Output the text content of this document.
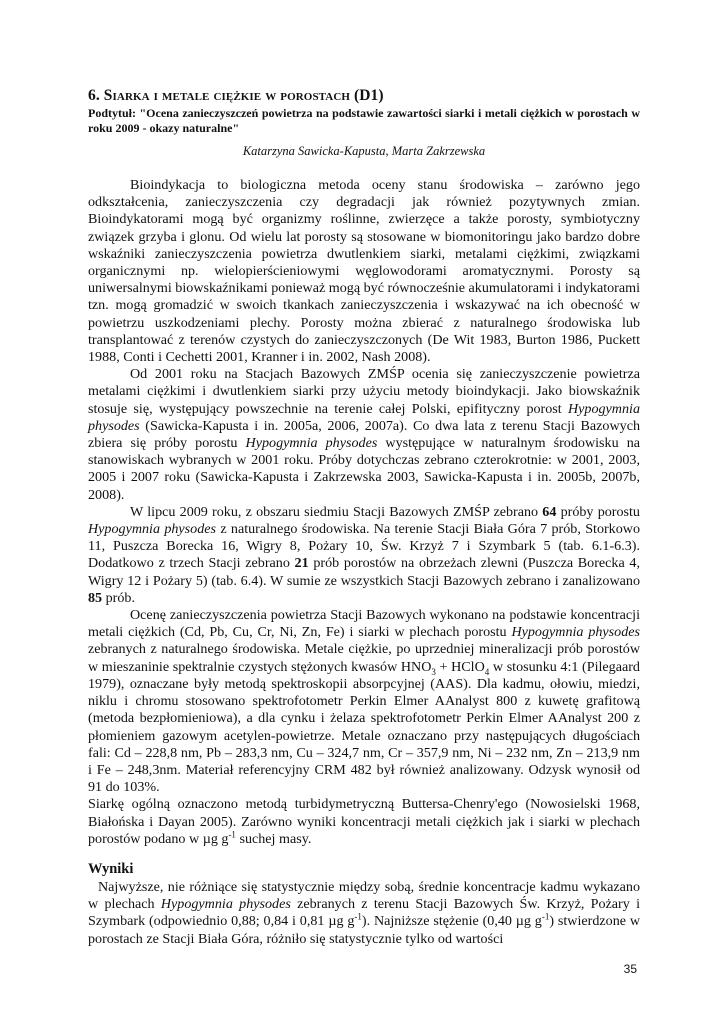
6. Siarka i metale ciężkie w porostach (D1)

Podtytuł: "Ocena zanieczyszczeń powietrza na podstawie zawartości siarki i metali ciężkich w porostach w roku 2009 - okazy naturalne"

Katarzyna Sawicka-Kapusta, Marta Zakrzewska

Bioindykacja to biologiczna metoda oceny stanu środowiska – zarówno jego odkształcenia, zanieczyszczenia czy degradacji jak również pozytywnych zmian. Bioindykatorami mogą być organizmy roślinne, zwierzęce a także porosty, symbiotyczny związek grzyba i glonu. Od wielu lat porosty są stosowane w biomonitoringu jako bardzo dobre wskaźniki zanieczyszczenia powietrza dwutlenkiem siarki, metalami ciężkimi, związkami organicznymi np. wielopierścieniowymi węglowodorami aromatycznymi. Porosty są uniwersalnymi biowskaźnikami ponieważ mogą być równocześnie akumulatorami i indykatorami tzn. mogą gromadzić w swoich tkankach zanieczyszczenia i wskazywać na ich obecność w powietrzu uszkodzeniami plechy. Porosty można zbierać z naturalnego środowiska lub transplantować z terenów czystych do zanieczyszczonych (De Wit 1983, Burton 1986, Puckett 1988, Conti i Cechetti 2001, Kranner i in. 2002, Nash 2008).

Od 2001 roku na Stacjach Bazowych ZMŚP ocenia się zanieczyszczenie powietrza metalami ciężkimi i dwutlenkiem siarki przy użyciu metody bioindykacji. Jako biowskaźnik stosuje się, występujący powszechnie na terenie całej Polski, epifityczny porost Hypogymnia physodes (Sawicka-Kapusta i in. 2005a, 2006, 2007a). Co dwa lata z terenu Stacji Bazowych zbiera się próby porostu Hypogymnia physodes występujące w naturalnym środowisku na stanowiskach wybranych w 2001 roku. Próby dotychczas zebrano czterokrotnie: w 2001, 2003, 2005 i 2007 roku (Sawicka-Kapusta i Zakrzewska 2003, Sawicka-Kapusta i in. 2005b, 2007b, 2008).

W lipcu 2009 roku, z obszaru siedmiu Stacji Bazowych ZMŚP zebrano 64 próby porostu Hypogymnia physodes z naturalnego środowiska. Na terenie Stacji Biała Góra 7 prób, Storkowo 11, Puszcza Borecka 16, Wigry 8, Pożary 10, Św. Krzyż 7 i Szymbark 5 (tab. 6.1-6.3). Dodatkowo z trzech Stacji zebrano 21 prób porostów na obrzeżach zlewni (Puszcza Borecka 4, Wigry 12 i Pożary 5) (tab. 6.4). W sumie ze wszystkich Stacji Bazowych zebrano i zanalizowano 85 prób.

Ocenę zanieczyszczenia powietrza Stacji Bazowych wykonano na podstawie koncentracji metali ciężkich (Cd, Pb, Cu, Cr, Ni, Zn, Fe) i siarki w plechach porostu Hypogymnia physodes zebranych z naturalnego środowiska. Metale ciężkie, po uprzedniej mineralizacji prób porostów w mieszaninie spektralnie czystych stężonych kwasów $HNO_3$ + HClO$_4$ w stosunku 4:1 (Pilegaard 1979), oznaczane były metodą spektroskopii absorpcyjnej (AAS). Dla kadmu, ołowiu, miedzi, niklu i chromu stosowano spektrofotometr Perkin Elmer AAnalyst 800 z kuwetę grafitową (metoda bezpłomieniowa), a dla cynku i żelaza spektrofotometr Perkin Elmer AAnalyst 200 z płomieniem gazowym acetylen-powietrze. Metale oznaczano przy następujących długościach fali: Cd – 228,8 nm, Pb – 283,3 nm, Cu – 324,7 nm, Cr – 357,9 nm, Ni – 232 nm, Zn – 213,9 nm i Fe – 248,3nm. Materiał referencyjny CRM 482 był również analizowany. Odzysk wynosił od 91 do 103%.

Siarkę ogólną oznaczono metodą turbidymetryczną Buttersa-Chenry'ego (Nowosielski 1968, Białońska i Dayan 2005). Zarówno wyniki koncentracji metali ciężkich jak i siarki w plechach porostów podano w µg $g^{-1}$ suchej masy.

Wyniki

Najwyższe, nie różniące się statystycznie między sobą, średnie koncentracje kadmu wykazano w plechach Hypogymnia physodes zebranych z terenu Stacji Bazowych Św. Krzyż, Pożary i Szymbark (odpowiednio 0,88; 0,84 i 0,81 µg $g^{-1}$). Najniższe stężenie (0,40 µg $g^{-1}$) stwierdzone w porostach ze Stacji Biała Góra, różniło się statystycznie tylko od wartości

35
